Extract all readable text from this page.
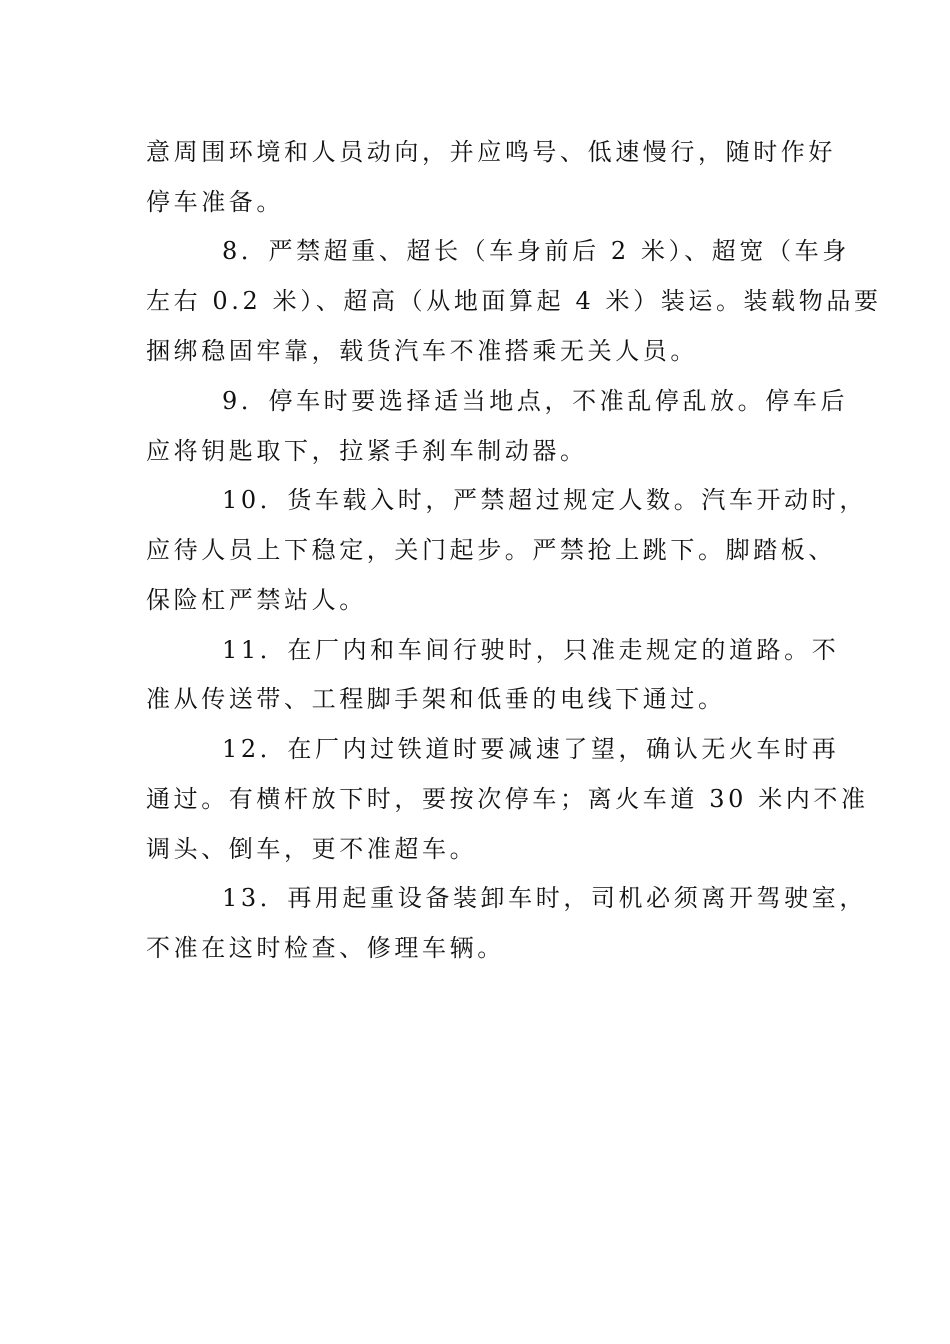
意周围环境和人员动向，并应鸣号、低速慢行，随时作好
停车准备。
8．严禁超重、超长（车身前后 2 米）、超宽（车身
左右 0.2 米）、超高（从地面算起 4 米）装运。装载物品要
捆绑稳固牢靠，载货汽车不准搭乘无关人员。
9．停车时要选择适当地点，不准乱停乱放。停车后
应将钥匙取下，拉紧手刹车制动器。
10．货车载入时，严禁超过规定人数。汽车开动时，
应待人员上下稳定，关门起步。严禁抢上跳下。脚踏板、
保险杠严禁站人。
11．在厂内和车间行驶时，只准走规定的道路。不
准从传送带、工程脚手架和低垂的电线下通过。
12．在厂内过铁道时要减速了望，确认无火车时再
通过。有横杆放下时，要按次停车；离火车道 30 米内不准
调头、倒车，更不准超车。
13．再用起重设备装卸车时，司机必须离开驾驶室，
不准在这时检查、修理车辆。
